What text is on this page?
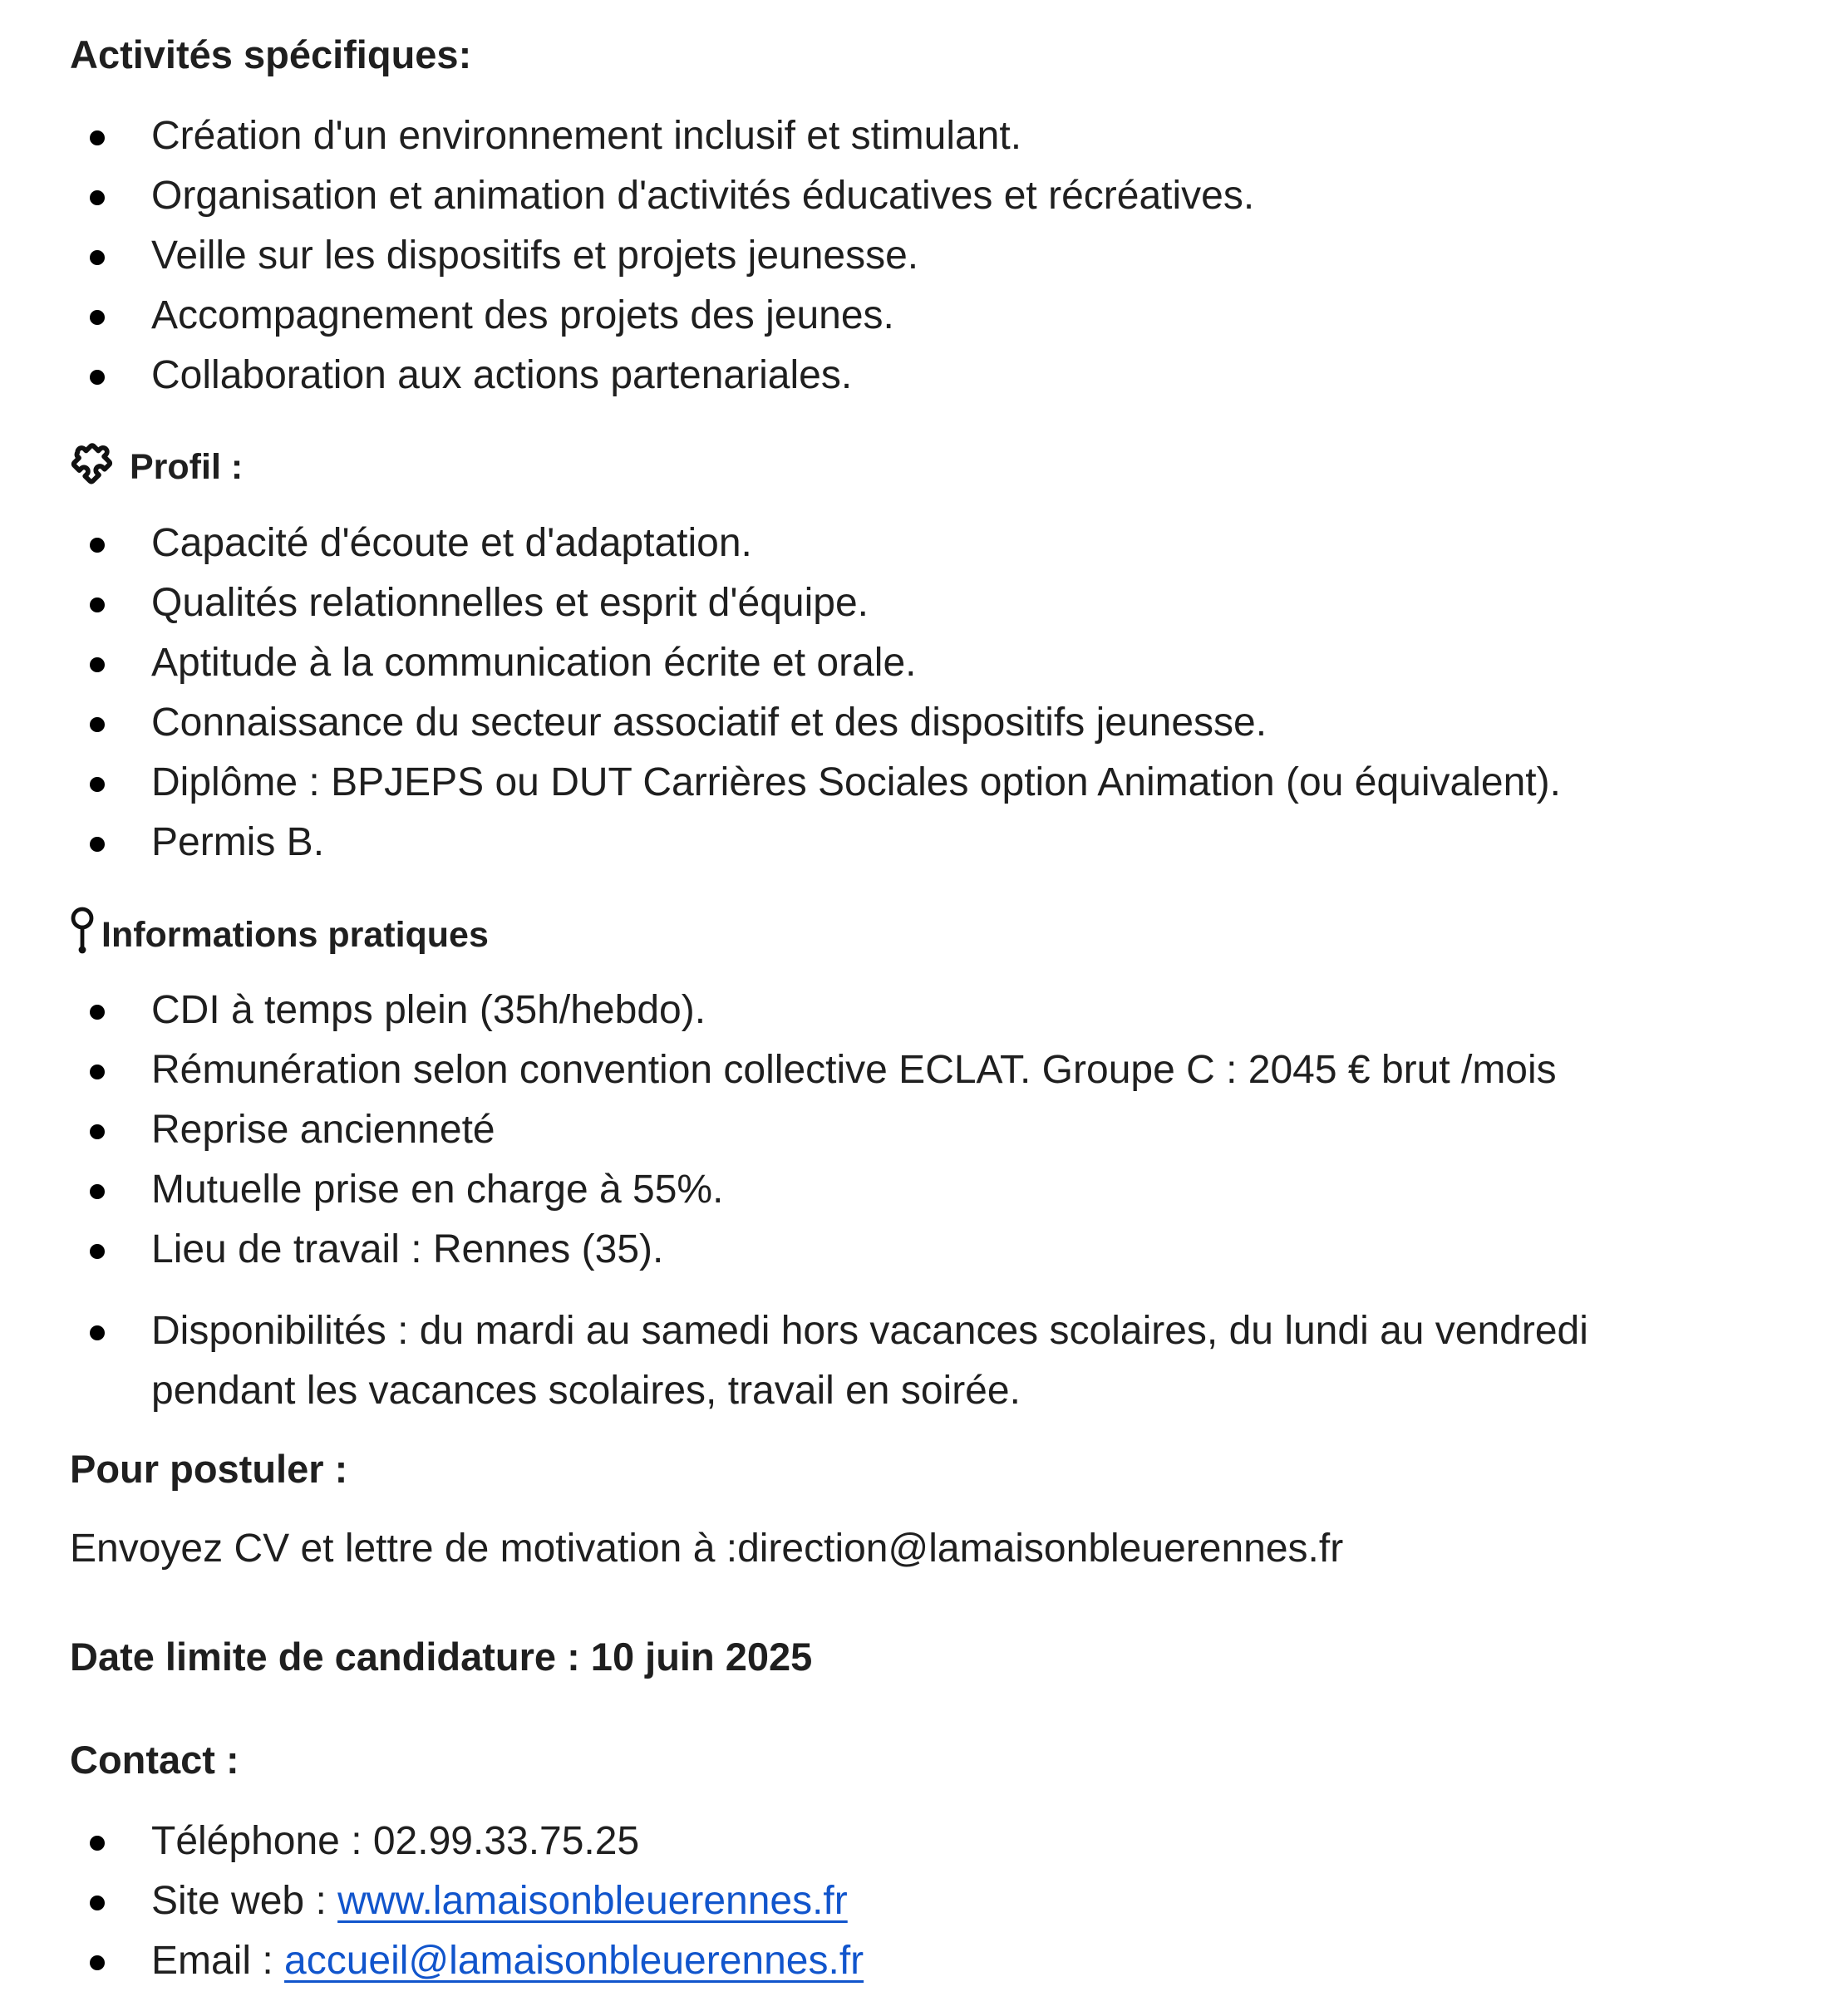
Activités spécifiques:
Création d'un environnement inclusif et stimulant.
Organisation et animation d'activités éducatives et récréatives.
Veille sur les dispositifs et projets jeunesse.
Accompagnement des projets des jeunes.
Collaboration aux actions partenariales.
Profil :
Capacité d'écoute et d'adaptation.
Qualités relationnelles et esprit d'équipe.
Aptitude à la communication écrite et orale.
Connaissance du secteur associatif et des dispositifs jeunesse.
Diplôme : BPJEPS ou DUT Carrières Sociales option Animation (ou équivalent).
Permis B.
Informations pratiques
CDI à temps plein (35h/hebdo).
Rémunération selon convention collective ECLAT. Groupe C : 2045 € brut /mois
Reprise ancienneté
Mutuelle prise en charge à 55%.
Lieu de travail : Rennes (35).
Disponibilités : du mardi au samedi hors vacances scolaires, du lundi au vendredi
pendant les vacances scolaires, travail en soirée.
Pour postuler :
Envoyez CV et lettre de motivation à :direction@lamaisonbleuerennes.fr
Date limite de candidature : 10 juin 2025
Contact :
Téléphone : 02.99.33.75.25
Site web : www.lamaisonbleuerennes.fr
Email : accueil@lamaisonbleuerennes.fr
